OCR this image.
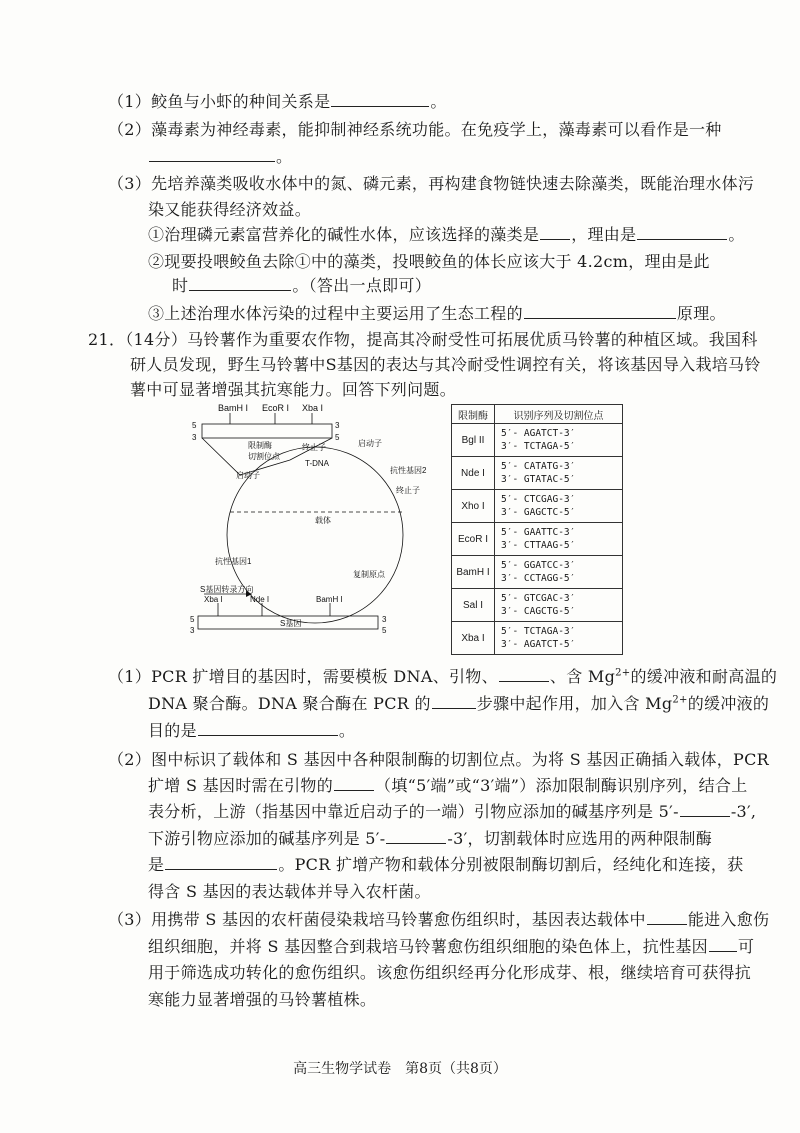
（1）鲛鱼与小虾的种间关系是	。
（2）藻毒素为神经毒素，能抑制神经系统功能。在免疫学上，藻毒素可以看作是一种
。
（3）先培养藻类吸收水体中的氮、磷元素，再构建食物链快速去除藻类，既能治理水体污
染又能获得经济效益。
①治理磷元素富营养化的碱性水体，应该选择的藻类是 ，理由是	。
②现要投喂鲛鱼去除①中的藻类，投喂鲛鱼的体长应该大于 4.2cm，理由是此
时	。（答出一点即可）
③上述治理水体污染的过程中主要运用了生态工程的	原理。
21．（14分）马铃薯作为重要农作物，提高其冷耐受性可拓展优质马铃薯的种植区域。我国科
研人员发现，野生马铃薯中S基因的表达与其冷耐受性调控有关，将该基因导入栽培马铃
薯中可显著增强其抗寒能力。回答下列问题。
BamH I EcoR I Xba I
5
3
3
5
限制酶
切割位点
终止子	启动子
启动子
T-DNA
抗性基因2
终止子
载体
抗性基因1
复制原点
S基因转录方向
Xba I	Nde I	BamH I
5
3
3
5
S基因
限制酶	识别序列及切割位点
Bgl II	5′- AGATCT-3′
3′- TCTAGA-5′

Nde I	5′- CATATG-3′
3′- GTATAC-5′

Xho I	5′- CTCGAG-3′
3′- GAGCTC-5′

EcoR I	5′- GAATTC-3′
3′- CTTAAG-5′

BamH I	5′- GGATCC-3′
3′- CCTAGG-5′

Sal I	5′- GTCGAC-3′
3′- CAGCTG-5′

Xba I	5′- TCTAGA-3′
3′- AGATCT-5′
（1）PCR 扩增目的基因时，需要模板 DNA、引物、	、含 $Mg^{2+}$的缓冲液和耐高温的
DNA 聚合酶。DNA 聚合酶在 PCR 的	步骤中起作用，加入含 $Mg^{2+}$的缓冲液的
目的是	。
（2）图中标识了载体和 S 基因中各种限制酶的切割位点。为将 S 基因正确插入载体，PCR
扩增 S 基因时需在引物的	（填“5′端”或“3′端”）添加限制酶识别序列，结合上
表分析，上游（指基因中靠近启动子的一端）引物应添加的碱基序列是 5′-	-3′,
下游引物应添加的碱基序列是 5′-	-3′，切割载体时应选用的两种限制酶
是	。PCR 扩增产物和载体分别被限制酶切割后，经纯化和连接，获
得含 S 基因的表达载体并导入农杆菌。
（3）用携带 S 基因的农杆菌侵染栽培马铃薯愈伤组织时，基因表达载体中	能进入愈伤
组织细胞，并将 S 基因整合到栽培马铃薯愈伤组织细胞的染色体上，抗性基因 可
用于筛选成功转化的愈伤组织。该愈伤组织经再分化形成芽、根，继续培育可获得抗
寒能力显著增强的马铃薯植株。
高三生物学试卷　第8页（共8页）
